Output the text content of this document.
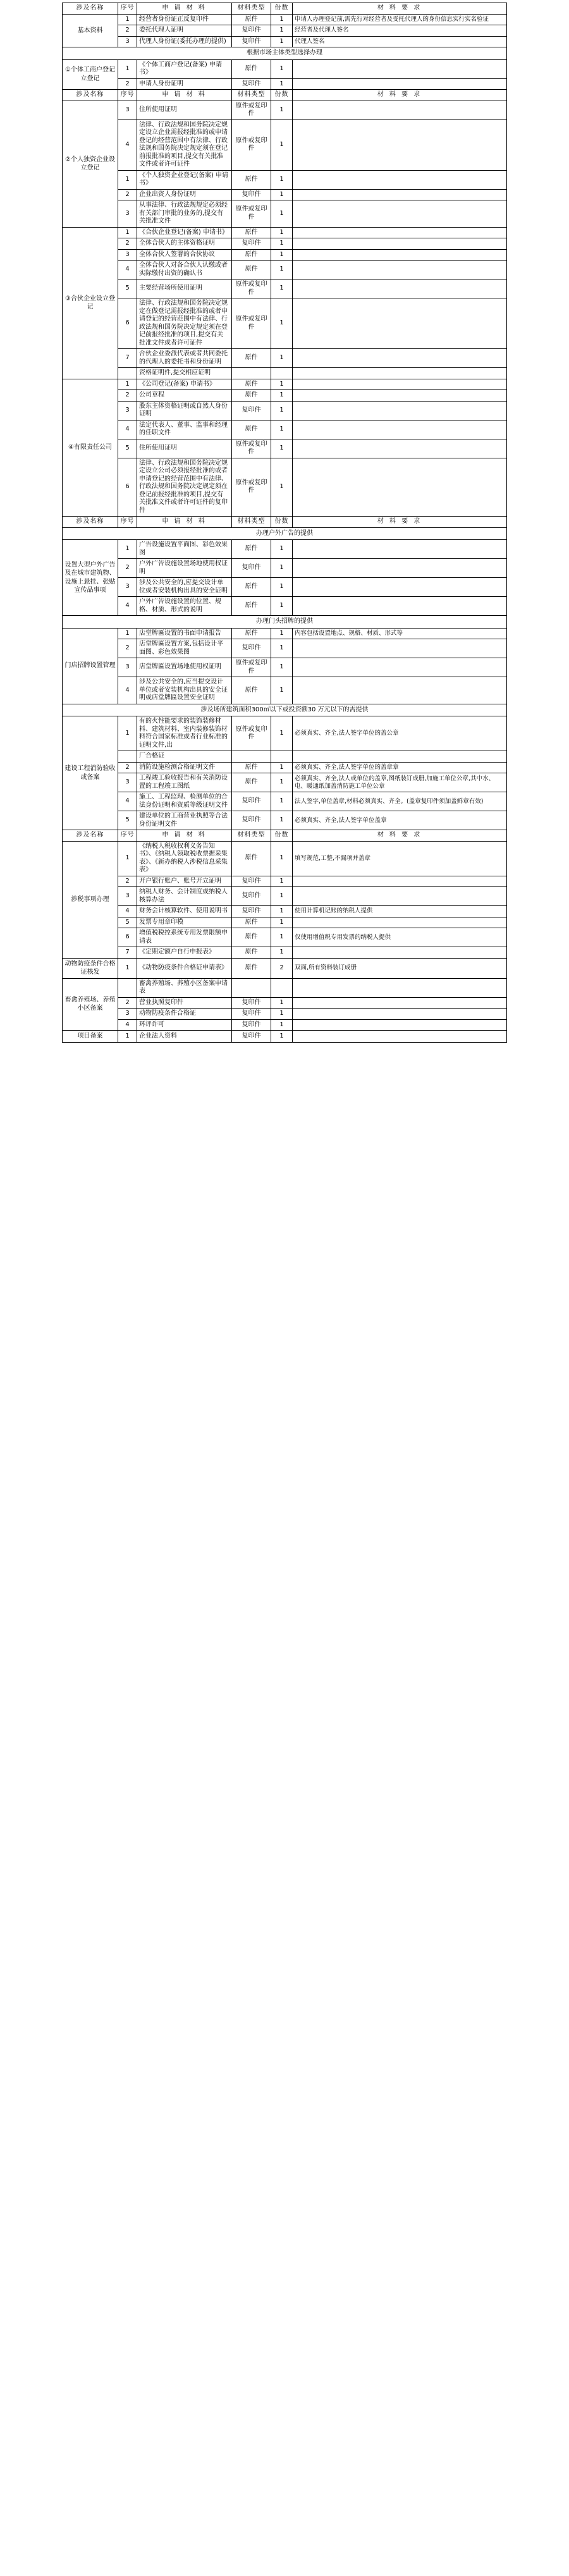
涉及名称	序号	申 请 材 料	材料类型	份数	材 料 要 求
基本资料	1	经营者身份证正反复印件	原件	1	申请人办理登记前,需先行对经营者及受托代理人的身份信息实行实名验证
	2	委托代理人证明	复印件	1	经营者及代理人签名
	3	代理人身份证(委托办理的提供)	复印件	1	代理人签名
根据市场主体类型选择办理					
①个体工商户登记立登记	1	《个体工商户登记(备案) 申请书》	原件	1	
	2	申请人身份证明	复印件	1	
涉及名称	序号	申 请 材 料	材料类型	份数	材 料 要 求
②个人独资企业设立登记	3	住所使用证明	原件或复印件	1	
	4	法律、行政法规和国务院决定规定设立企业需报经批准的或申请登记的经营范围中有法律、行政法规和国务院决定规定须在登记前报批准的项目,提交有关批准文件或者许可证件	原件或复印件	1	
	1	《个人独资企业登记(备案) 申请书》	原件	1	
	2	企业出资人身份证明	复印件	1	
	3	从事法律、行政法规规定必须经有关部门审批的业务的,提交有关批准文件	原件或复印件	1	
③合伙企业设立登记	1	《合伙企业登记(备案) 申请书》	原件	1	
	2	全体合伙人的主体资格证明	复印件	1	
	3	全体合伙人签署的合伙协议	原件	1	
	4	全体合伙人对各合伙人认缴或者实际缴付出资的确认书	原件	1	
	5	主要经营场所使用证明	原件或复印件	1	
	6	法律、行政法规和国务院决定规定在做登记需报经批准的或者申请登记的经营范围中有法律、行政法规和国务院决定规定须在登记前报经批准的项目,提交有关批准文件或者许可证件	原件或复印件	1	
	7	合伙企业委派代表或者共同委托的代理人的委托书和身份证明	原件	1	
		资格证明件,提交相应证明			
④有限责任公司	1	《公司登记(备案) 申请书》	原件	1	
	2	公司章程	原件	1	
	3	股东主体资格证明或自然人身份证明	复印件	1	
	4	法定代表人、董事、监事和经理的任职文件	原件	1	
	5	住所使用证明	原件或复印件	1	
	6	法律、行政法规和国务院决定规定设立公司必须报经批准的或者申请登记的经营范围中有法律、行政法规和国务院决定规定须在登记前报经批准的项目,提交有关批准文件或者许可证件的复印件	原件或复印件	1	
涉及名称	序号	申 请 材 料	材料类型	份数	材 料 要 求
办理户外广告的提供					
设置大型户外广告及在城市建筑物、设施上悬挂、张贴宣传品事项	1	广告设施设置平面图、彩色效果图	原件	1	
	2	户外广告设施设置场地使用权证明	复印件	1	
	3	涉及公共安全的,应提交设计单位或者安装机构出具的安全证明	原件	1	
	4	户外广告设施设置的位置、规格、材质、形式的说明	原件	1	
办理门头招牌的提供					
门店招牌设置管理	1	店堂牌匾设置的书面申请报告	原件	1	内容包括设置地点、规格、材质、形式等
	2	店堂牌匾设置方案,包括设计平面图、彩色效果图	复印件	1	
	3	店堂牌匾设置场地使用权证明	原件或复印件	1	
	4	涉及公共安全的,应当提交设计单位或者安装机构出具的安全证明或店堂牌匾设置安全证明	原件	1	
涉及场所建筑面积300㎡以下或投资额30 万元以下的需提供					
建设工程消防验收或备案	1	有的火性能要求的装饰装修材料、建筑材料、室内装修装饰材料符合国家标准或者行业标准的证明文件,出	原件或复印件	1	必须真实、齐全,法人签字单位的盖公章
		厂合格证			
	2	消防设施检测合格证明文件	原件	1	必须真实、齐全,法人签字单位的盖章章
	3	工程竣工验收报告和有关消防设置的工程竣工图纸	原件	1	必须真实、齐全,法人或单位的盖章,图纸装订成册,加施工单位公章,其中水、电、暖通纸加盖消防施工单位公章
	4	施工、工程监理、检测单位的合法身份证明和资质等级证明文件	复印件	1	法人签字,单位盖章,材料必须真实、齐全。(盖章复印件须加盖鲜章有效)
	5	建设单位的工商营业执照等合法身份证明文件	复印件	1	必须真实、齐全,法人签字单位盖章
涉及名称	序号	申 请 材 料	材料类型	份数	材 料 要 求
涉税事项办理	1	《纳税人税收权利义务告知书》、《纳税人领取税收票据采集表》、《新办纳税人涉税信息采集表》	原件	1	填写规范,工整,不漏项并盖章
	2	开户银行账户、账号开立证明	复印件	1	
	3	纳税人财务、会计制度或纳税人核算办法	复印件	1	
	4	财务会计核算软件、使用说明书	复印件	1	使用计算机记账的纳税人提供
	5	发票专用章印模	原件	1	
	6	增值税税控系统专用发票限额申请表	原件	1	仅使用增值税专用发票的纳税人提供
	7	《定期定额户自行申报表》	原件	1	
动物防疫条件合格证核发	1	《动物防疫条件合格证申请表》	原件	2	双面,所有资料装订成册
畜禽养殖场、养殖小区备案		畜禽养殖场、养殖小区备案申请表			
	2	营业执照复印件	复印件	1	
	3	动物防疫条件合格证	复印件	1	
	4	环评许可	复印件	1	
项目备案	1	企业法人资料	复印件	1	
